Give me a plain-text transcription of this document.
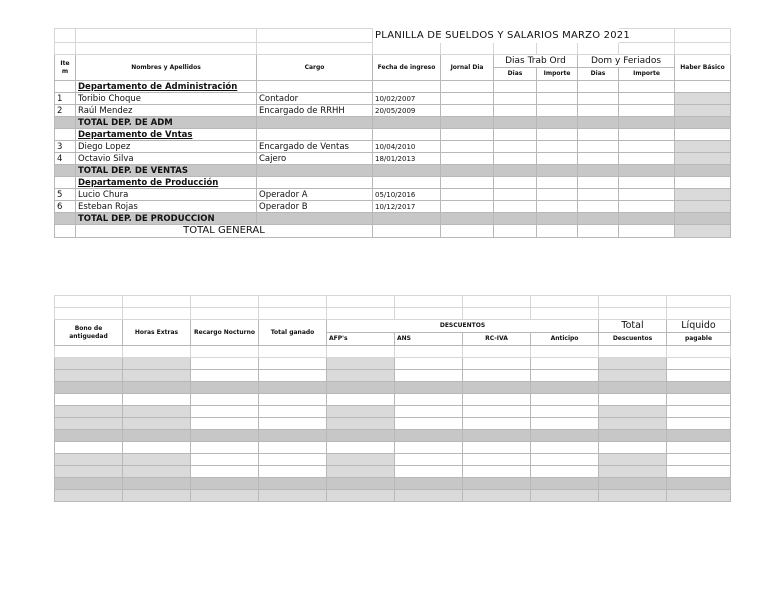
			PLANILLA DE SUELDOS Y SALARIOS MARZO 2021						

Ite m	Nombres y Apellidos	Cargo	Fecha de ingreso	Jornal Dia	Dias Trab Ord		Dom y Feriados		Haber Básico
					Dias	Importe	Dias	Importe	
	Departamento de Administración								
1	Toribio Choque	Contador	10/02/2007						
2	Raúl Mendez	Encargado de RRHH	20/05/2009						
	TOTAL DEP. DE ADM								
	Departamento de Vntas								
3	Diego Lopez	Encargado de Ventas	10/04/2010						
4	Octavio Silva	Cajero	18/01/2013						
	TOTAL DEP. DE VENTAS								
	Departamento de Producción								
5	Lucio Chura	Operador A	05/10/2016						
6	Esteban Rojas	Operador B	10/12/2017						
	TOTAL DEP. DE PRODUCCION								
	TOTAL GENERAL								

Bono de antiguedad	Horas Extras	Recargo Nocturno	Total ganado	DESCUENTOS				Total	Líquido
				AFP's	ANS	RC-IVA	Anticipo	Descuentos	pagable
